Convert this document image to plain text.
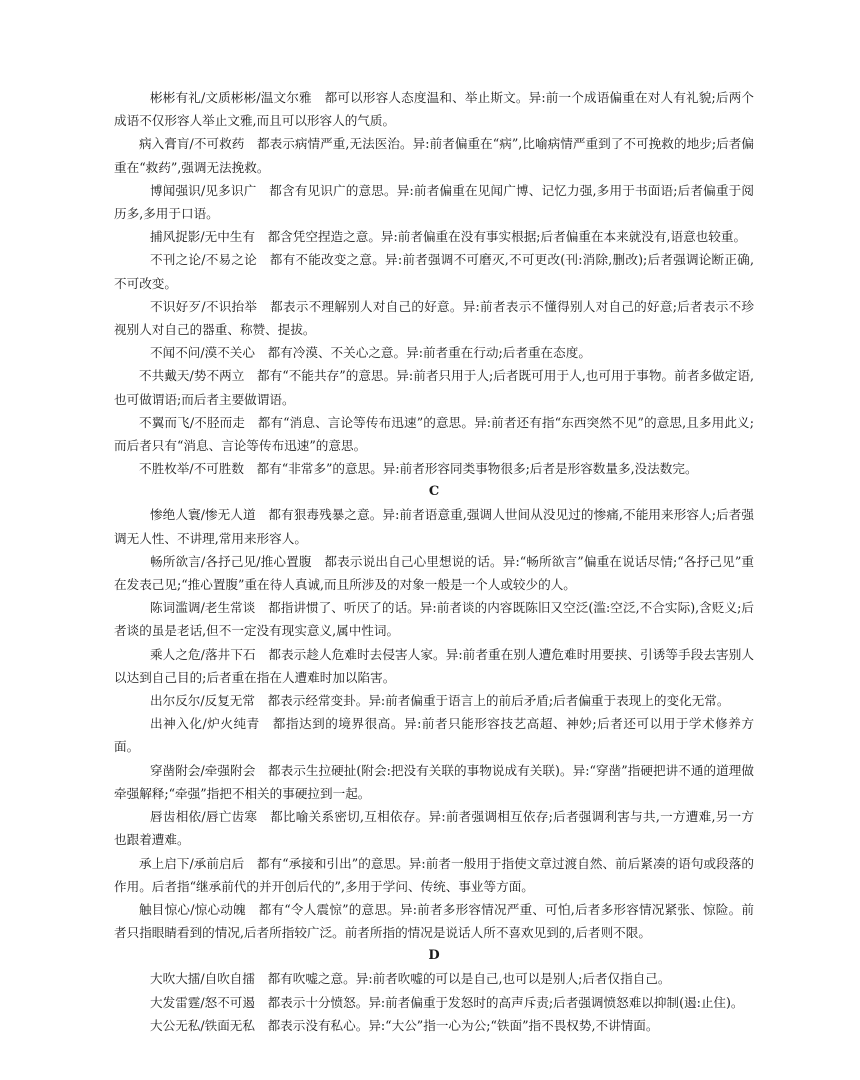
彬彬有礼/文质彬彬/温文尔雅　都可以形容人态度温和、举止斯文。异:前一个成语偏重在对人有礼貌;后两个成语不仅形容人举止文雅,而且可以形容人的气质。

病入膏肓/不可救药　都表示病情严重,无法医治。异:前者偏重在“病”,比喻病情严重到了不可挽救的地步;后者偏重在“救药”,强调无法挽救。

博闻强识/见多识广　都含有见识广的意思。异:前者偏重在见闻广博、记忆力强,多用于书面语;后者偏重于阅历多,多用于口语。

捕风捉影/无中生有　都含凭空捏造之意。异:前者偏重在没有事实根据;后者偏重在本来就没有,语意也较重。

不刊之论/不易之论　都有不能改变之意。异:前者强调不可磨灭,不可更改(刊:消除,删改);后者强调论断正确,不可改变。

不识好歹/不识抬举　都表示不理解别人对自己的好意。异:前者表示不懂得别人对自己的好意;后者表示不珍视别人对自己的器重、称赞、提拔。

不闻不问/漠不关心　都有冷漠、不关心之意。异:前者重在行动;后者重在态度。

不共戴天/势不两立　都有“不能共存”的意思。异:前者只用于人;后者既可用于人,也可用于事物。前者多做定语,也可做谓语;而后者主要做谓语。

不翼而飞/不胫而走　都有“消息、言论等传布迅速”的意思。异:前者还有指“东西突然不见”的意思,且多用此义;而后者只有“消息、言论等传布迅速”的意思。

不胜枚举/不可胜数　都有“非常多”的意思。异:前者形容同类事物很多;后者是形容数量多,没法数完。

C

惨绝人寰/惨无人道　都有狠毒残暴之意。异:前者语意重,强调人世间从没见过的惨痛,不能用来形容人;后者强调无人性、不讲理,常用来形容人。

畅所欲言/各抒己见/推心置腹　都表示说出自己心里想说的话。异:“畅所欲言”偏重在说话尽情;“各抒己见”重在发表己见;“推心置腹”重在待人真诚,而且所涉及的对象一般是一个人或较少的人。

陈词滥调/老生常谈　都指讲惯了、听厌了的话。异:前者谈的内容既陈旧又空泛(滥:空泛,不合实际),含贬义;后者谈的虽是老话,但不一定没有现实意义,属中性词。

乘人之危/落井下石　都表示趁人危难时去侵害人家。异:前者重在别人遭危难时用要挟、引诱等手段去害别人以达到自己目的;后者重在指在人遭难时加以陷害。

出尔反尔/反复无常　都表示经常变卦。异:前者偏重于语言上的前后矛盾;后者偏重于表现上的变化无常。

出神入化/炉火纯青　都指达到的境界很高。异:前者只能形容技艺高超、神妙;后者还可以用于学术修养方面。

穿凿附会/牵强附会　都表示生拉硬扯(附会:把没有关联的事物说成有关联)。异:“穿凿”指硬把讲不通的道理做牵强解释;“牵强”指把不相关的事硬拉到一起。

唇齿相依/唇亡齿寒　都比喻关系密切,互相依存。异:前者强调相互依存;后者强调利害与共,一方遭难,另一方也跟着遭难。

承上启下/承前启后　都有“承接和引出”的意思。异:前者一般用于指使文章过渡自然、前后紧凑的语句或段落的作用。后者指“继承前代的并开创后代的”,多用于学问、传统、事业等方面。

触目惊心/惊心动魄　都有“令人震惊”的意思。异:前者多形容情况严重、可怕,后者多形容情况紧张、惊险。前者只指眼睛看到的情况,后者所指较广泛。前者所指的情况是说话人所不喜欢见到的,后者则不限。

D

大吹大擂/自吹自擂　都有吹嘘之意。异:前者吹嘘的可以是自己,也可以是别人;后者仅指自己。

大发雷霆/怒不可遏　都表示十分愤怒。异:前者偏重于发怒时的高声斥责;后者强调愤怒难以抑制(遏:止住)。

大公无私/铁面无私　都表示没有私心。异:“大公”指一心为公;“铁面”指不畏权势,不讲情面。
